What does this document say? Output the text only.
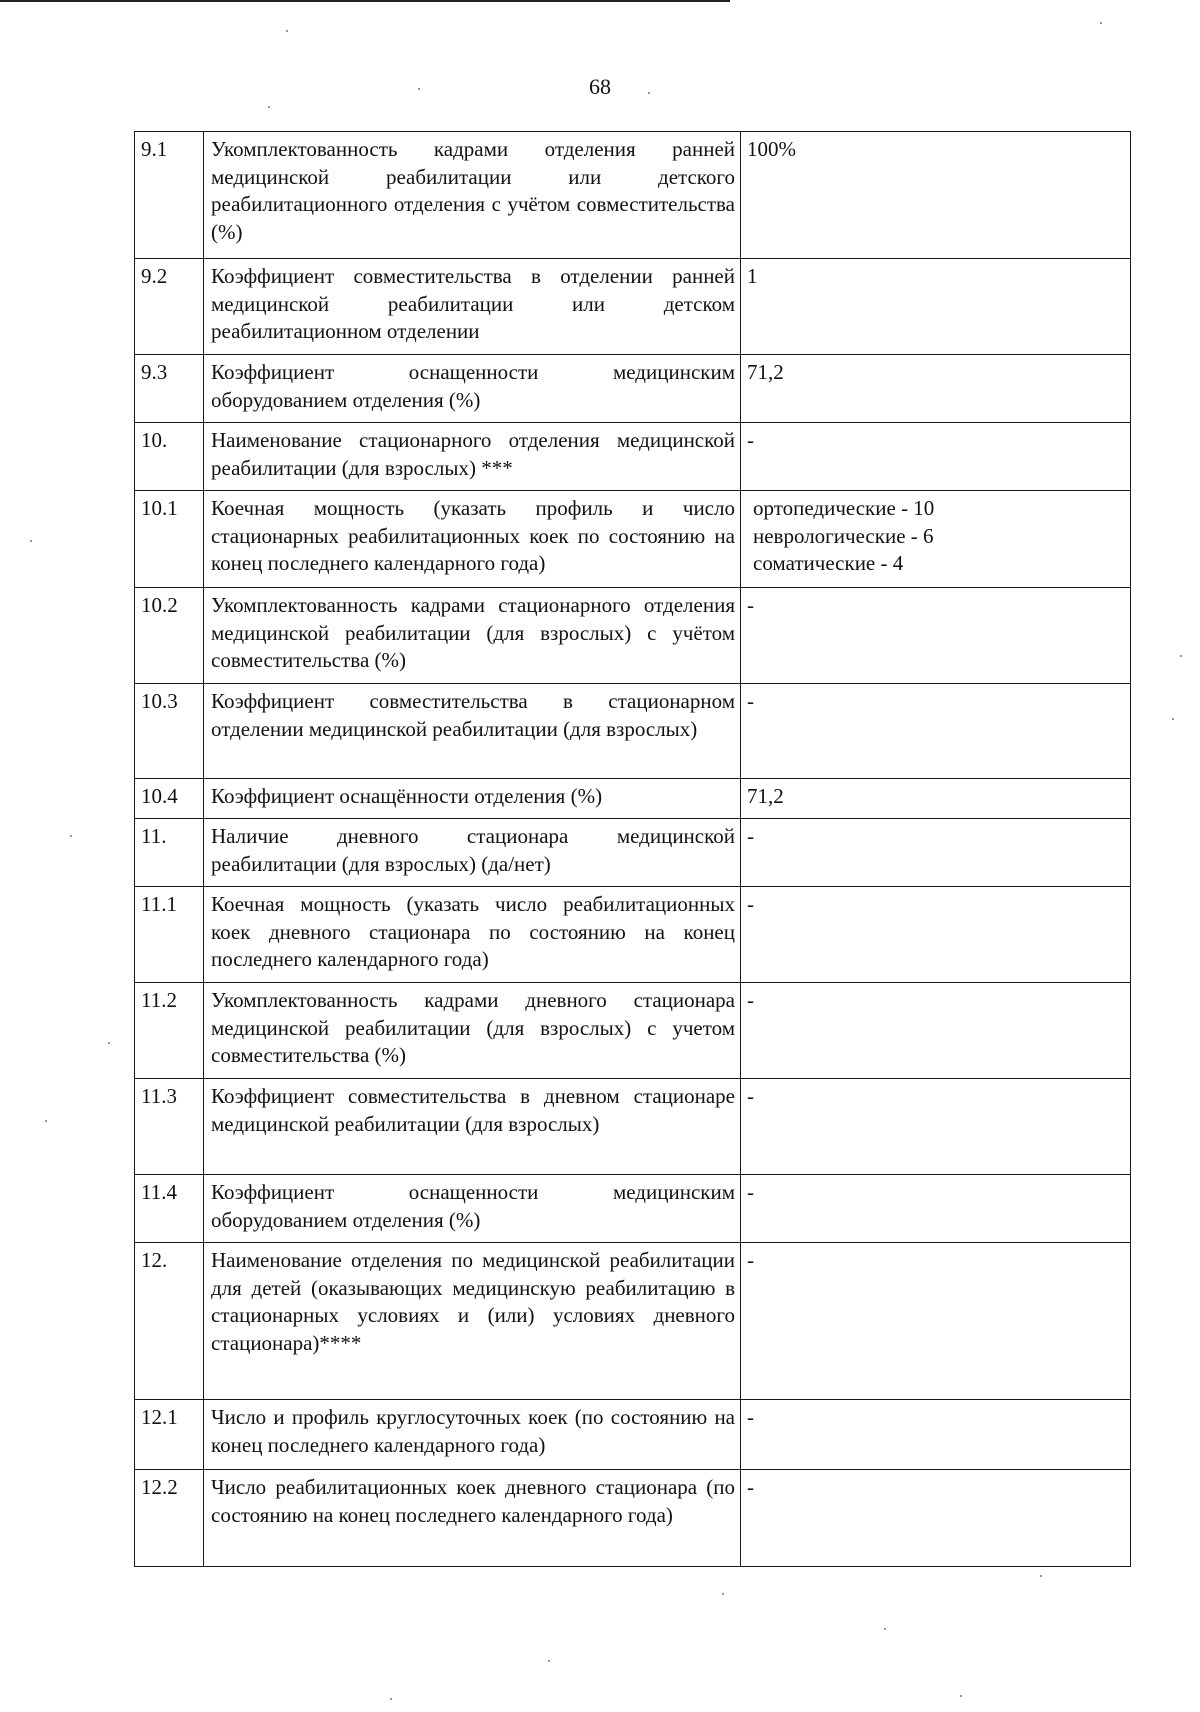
68
9.1	Укомплектованность кадрами отделения ранней медицинской реабилитации или детского реабилитационного отделения с учётом совместительства (%)	100%
9.2	Коэффициент совместительства в отделении ранней медицинской реабилитации или детском реабилитационном отделении	1
9.3	Коэффициент оснащенности медицинским оборудованием отделения (%)	71,2
10.	Наименование стационарного отделения медицинской реабилитации (для взрослых) ***	-
10.1	Коечная мощность (указать профиль и число стационарных реабилитационных коек по состоянию на конец последнего календарного года)	ортопедические - 10
неврологические - 6
соматические - 4

10.2	Укомплектованность кадрами стационарного отделения медицинской реабилитации (для взрослых) с учётом совместительства (%)	-
10.3	Коэффициент совместительства в стационарном отделении медицинской реабилитации (для взрослых)	-
10.4	Коэффициент оснащённости отделения (%)	71,2
11.	Наличие дневного стационара медицинской реабилитации (для взрослых) (да/нет)	-
11.1	Коечная мощность (указать число реабилитационных коек дневного стационара по состоянию на конец последнего календарного года)	-
11.2	Укомплектованность кадрами дневного стационара медицинской реабилитации (для взрослых) с учетом совместительства (%)	-
11.3	Коэффициент совместительства в дневном стационаре медицинской реабилитации (для взрослых)	-
11.4	Коэффициент оснащенности медицинским оборудованием отделения (%)	-
12.	Наименование отделения по медицинской реабилитации для детей (оказывающих медицинскую реабилитацию в стационарных условиях и (или) условиях дневного стационара)****	-
12.1	Число и профиль круглосуточных коек (по состоянию на конец последнего календарного года)	-
12.2	Число реабилитационных коек дневного стационара (по состоянию на конец последнего календарного года)	-
